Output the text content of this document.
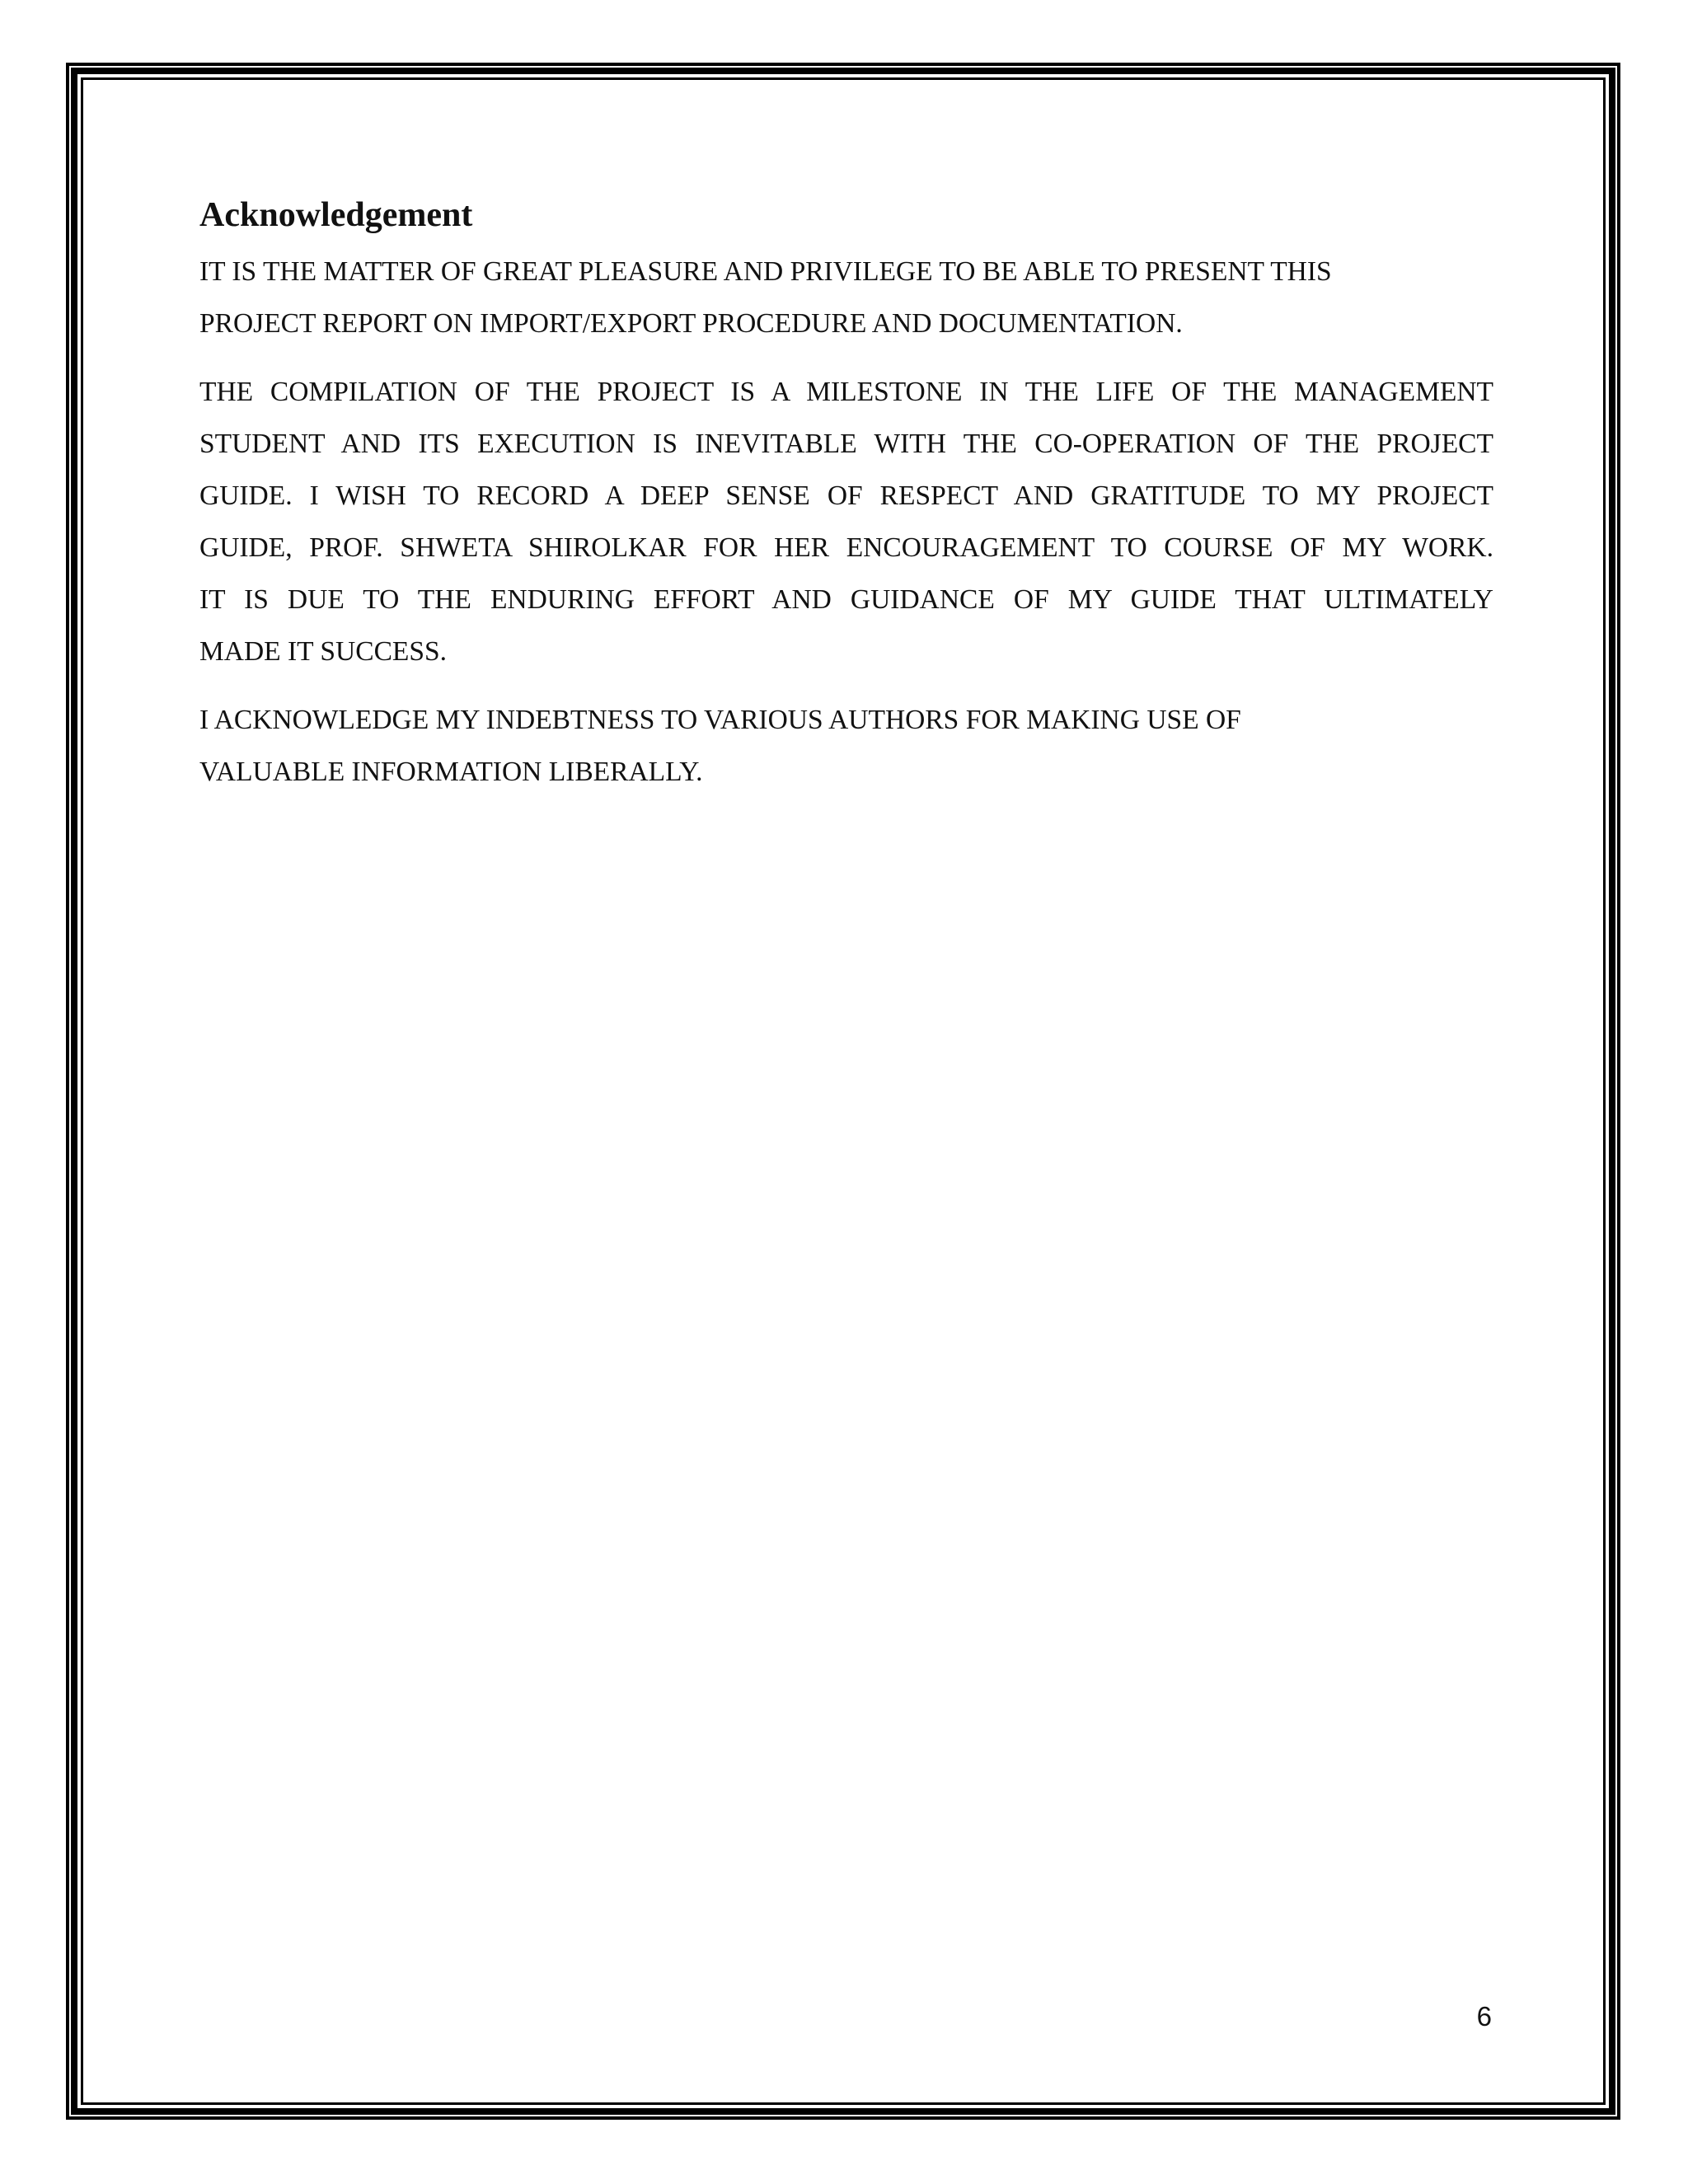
Acknowledgement

IT IS THE MATTER OF GREAT PLEASURE AND PRIVILEGE TO BE ABLE TO PRESENT THIS
PROJECT REPORT ON IMPORT/EXPORT PROCEDURE AND DOCUMENTATION.

THE COMPILATION OF THE PROJECT IS A MILESTONE IN THE LIFE OF THE MANAGEMENT
STUDENT AND ITS EXECUTION IS INEVITABLE WITH THE CO-OPERATION OF THE PROJECT
GUIDE. I WISH TO RECORD A DEEP SENSE OF RESPECT AND GRATITUDE TO MY PROJECT
GUIDE, PROF. SHWETA SHIROLKAR FOR HER ENCOURAGEMENT TO COURSE OF MY WORK.
IT IS DUE TO THE ENDURING EFFORT AND GUIDANCE OF MY GUIDE THAT ULTIMATELY
MADE IT SUCCESS.

I ACKNOWLEDGE MY INDEBTNESS TO VARIOUS AUTHORS FOR MAKING USE OF
VALUABLE INFORMATION LIBERALLY.

6
